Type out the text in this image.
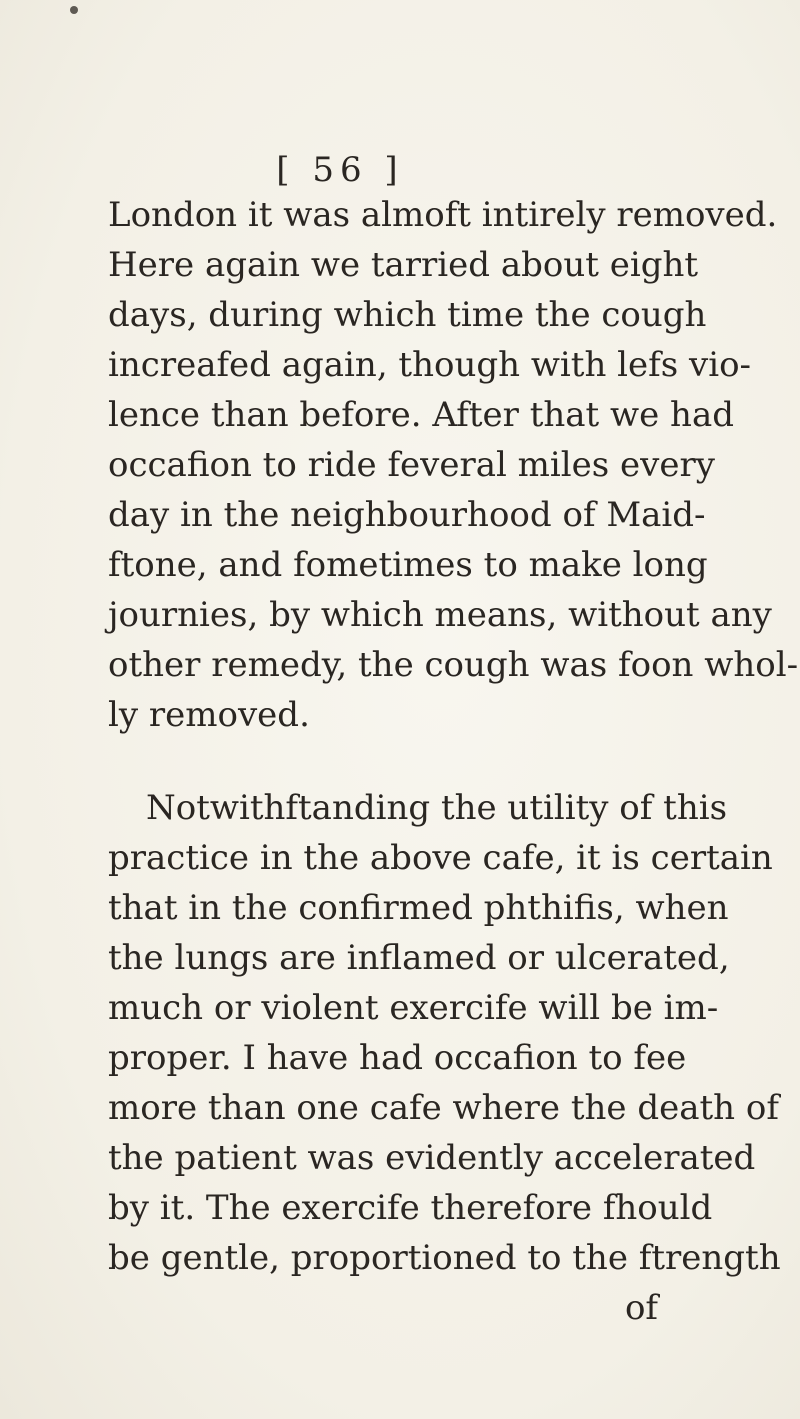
[ 56 ]
London it was almoft intirely removed.
Here again we tarried about eight
days, during which time the cough
increafed again, though with lefs vio-
lence than before. After that we had
occafion to ride feveral miles every
day in the neighbourhood of Maid-
ftone, and fometimes to make long
journies, by which means, without any
other remedy, the cough was foon whol-
ly removed.
Notwithftanding the utility of this
practice in the above cafe, it is certain
that in the confirmed phthifis, when
the lungs are inflamed or ulcerated,
much or violent exercife will be im-
proper. I have had occafion to fee
more than one cafe where the death of
the patient was evidently accelerated
by it. The exercife therefore fhould
be gentle, proportioned to the ftrength
of
